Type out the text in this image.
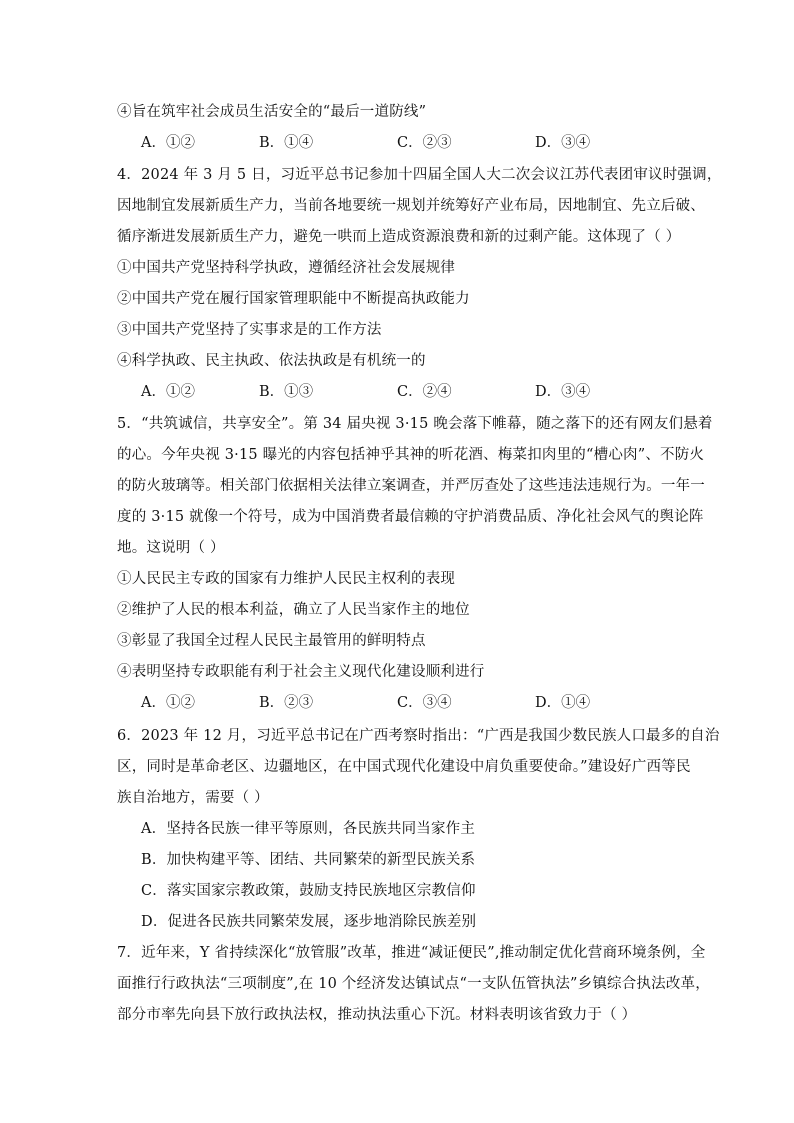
④旨在筑牢社会成员生活安全的“最后一道防线”
A．①②	B．①④	C．②③	D．③④
4．2024 年 3 月 5 日，习近平总书记参加十四届全国人大二次会议江苏代表团审议时强调，
因地制宜发展新质生产力，当前各地要统一规划并统筹好产业布局，因地制宜、先立后破、
循序渐进发展新质生产力，避免一哄而上造成资源浪费和新的过剩产能。这体现了（ ）
①中国共产党坚持科学执政，遵循经济社会发展规律
②中国共产党在履行国家管理职能中不断提高执政能力
③中国共产党坚持了实事求是的工作方法
④科学执政、民主执政、依法执政是有机统一的
A．①②	B．①③	C．②④	D．③④
5．“共筑诚信，共享安全”。第 34 届央视 3·15 晚会落下帷幕，随之落下的还有网友们悬着
的心。今年央视 3·15 曝光的内容包括神乎其神的听花酒、梅菜扣肉里的“槽心肉”、不防火
的防火玻璃等。相关部门依据相关法律立案调查，并严厉查处了这些违法违规行为。一年一
度的 3·15 就像一个符号，成为中国消费者最信赖的守护消费品质、净化社会风气的舆论阵
地。这说明（ ）
①人民民主专政的国家有力维护人民民主权利的表现
②维护了人民的根本利益，确立了人民当家作主的地位
③彰显了我国全过程人民民主最管用的鲜明特点
④表明坚持专政职能有利于社会主义现代化建设顺利进行
A．①②	B．②③	C．③④	D．①④
6．2023 年 12 月，习近平总书记在广西考察时指出：“广西是我国少数民族人口最多的自治
区，同时是革命老区、边疆地区，在中国式现代化建设中肩负重要使命。”建设好广西等民
族自治地方，需要（ ）
A．坚持各民族一律平等原则，各民族共同当家作主
B．加快构建平等、团结、共同繁荣的新型民族关系
C．落实国家宗教政策，鼓励支持民族地区宗教信仰
D．促进各民族共同繁荣发展，逐步地消除民族差别
7．近年来，Y 省持续深化“放管服”改革，推进“减证便民”,推动制定优化营商环境条例，全
面推行行政执法“三项制度”,在 10 个经济发达镇试点“一支队伍管执法”乡镇综合执法改革，
部分市率先向县下放行政执法权，推动执法重心下沉。材料表明该省致力于（ ）
